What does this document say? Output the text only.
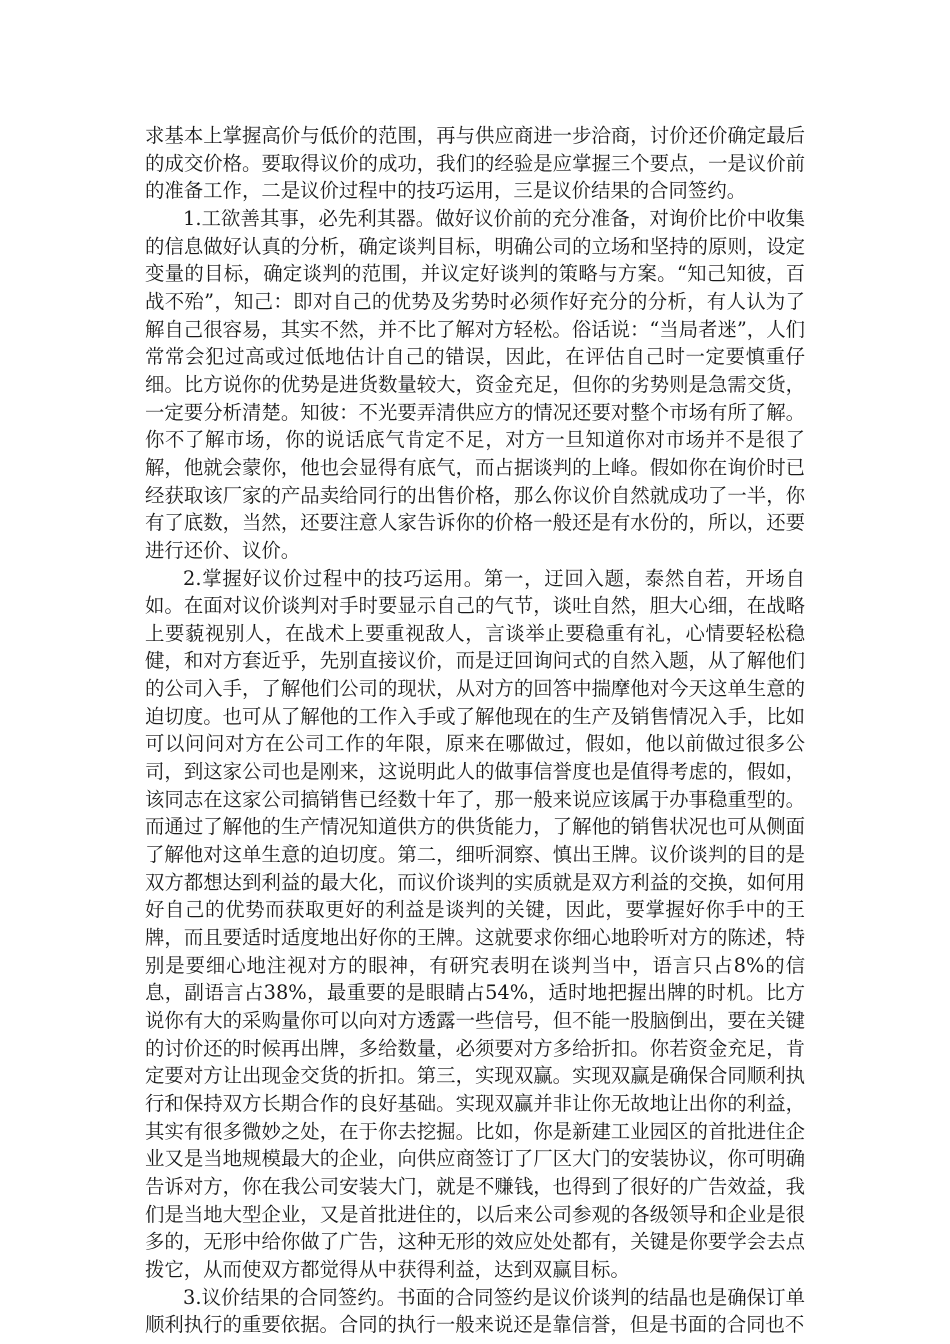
求基本上掌握高价与低价的范围，再与供应商进一步洽商，讨价还价确定最后的成交价格。要取得议价的成功，我们的经验是应掌握三个要点，一是议价前的准备工作，二是议价过程中的技巧运用，三是议价结果的合同签约。

1.工欲善其事，必先利其器。做好议价前的充分准备，对询价比价中收集的信息做好认真的分析，确定谈判目标，明确公司的立场和坚持的原则，设定变量的目标，确定谈判的范围，并议定好谈判的策略与方案。“知己知彼，百战不殆”，知己：即对自己的优势及劣势时必须作好充分的分析，有人认为了解自己很容易，其实不然，并不比了解对方轻松。俗话说：“当局者迷”，人们常常会犯过高或过低地估计自己的错误，因此，在评估自己时一定要慎重仔细。比方说你的优势是进货数量较大，资金充足，但你的劣势则是急需交货，一定要分析清楚。知彼：不光要弄清供应方的情况还要对整个市场有所了解。你不了解市场，你的说话底气肯定不足，对方一旦知道你对市场并不是很了解，他就会蒙你，他也会显得有底气，而占据谈判的上峰。假如你在询价时已经获取该厂家的产品卖给同行的出售价格，那么你议价自然就成功了一半，你有了底数，当然，还要注意人家告诉你的价格一般还是有水份的，所以，还要进行还价、议价。

2.掌握好议价过程中的技巧运用。第一，迂回入题，泰然自若，开场自如。在面对议价谈判对手时要显示自己的气节，谈吐自然，胆大心细，在战略上要藐视别人，在战术上要重视敌人，言谈举止要稳重有礼，心情要轻松稳健，和对方套近乎，先别直接议价，而是迂回询问式的自然入题，从了解他们的公司入手，了解他们公司的现状，从对方的回答中揣摩他对今天这单生意的迫切度。也可从了解他的工作入手或了解他现在的生产及销售情况入手，比如可以问问对方在公司工作的年限，原来在哪做过，假如，他以前做过很多公司，到这家公司也是刚来，这说明此人的做事信誉度也是值得考虑的，假如，该同志在这家公司搞销售已经数十年了，那一般来说应该属于办事稳重型的。而通过了解他的生产情况知道供方的供货能力，了解他的销售状况也可从侧面了解他对这单生意的迫切度。第二，细听洞察、慎出王牌。议价谈判的目的是双方都想达到利益的最大化，而议价谈判的实质就是双方利益的交换，如何用好自己的优势而获取更好的利益是谈判的关键，因此，要掌握好你手中的王牌，而且要适时适度地出好你的王牌。这就要求你细心地聆听对方的陈述，特别是要细心地注视对方的眼神，有研究表明在谈判当中，语言只占8%的信息，副语言占38%，最重要的是眼睛占54%，适时地把握出牌的时机。比方说你有大的采购量你可以向对方透露一些信号，但不能一股脑倒出，要在关键的讨价还的时候再出牌，多给数量，必须要对方多给折扣。你若资金充足，肯定要对方让出现金交货的折扣。第三，实现双赢。实现双赢是确保合同顺利执行和保持双方长期合作的良好基础。实现双赢并非让你无故地让出你的利益，其实有很多微妙之处，在于你去挖掘。比如，你是新建工业园区的首批进住企业又是当地规模最大的企业，向供应商签订了厂区大门的安装协议，你可明确告诉对方，你在我公司安装大门，就是不赚钱，也得到了很好的广告效益，我们是当地大型企业，又是首批进住的，以后来公司参观的各级领导和企业是很多的，无形中给你做了广告，这种无形的效应处处都有，关键是你要学会去点拨它，从而使双方都觉得从中获得利益，达到双赢目标。

3.议价结果的合同签约。书面的合同签约是议价谈判的结晶也是确保订单顺利执行的重要依据。合同的执行一般来说还是靠信誉，但是书面的合同也不
